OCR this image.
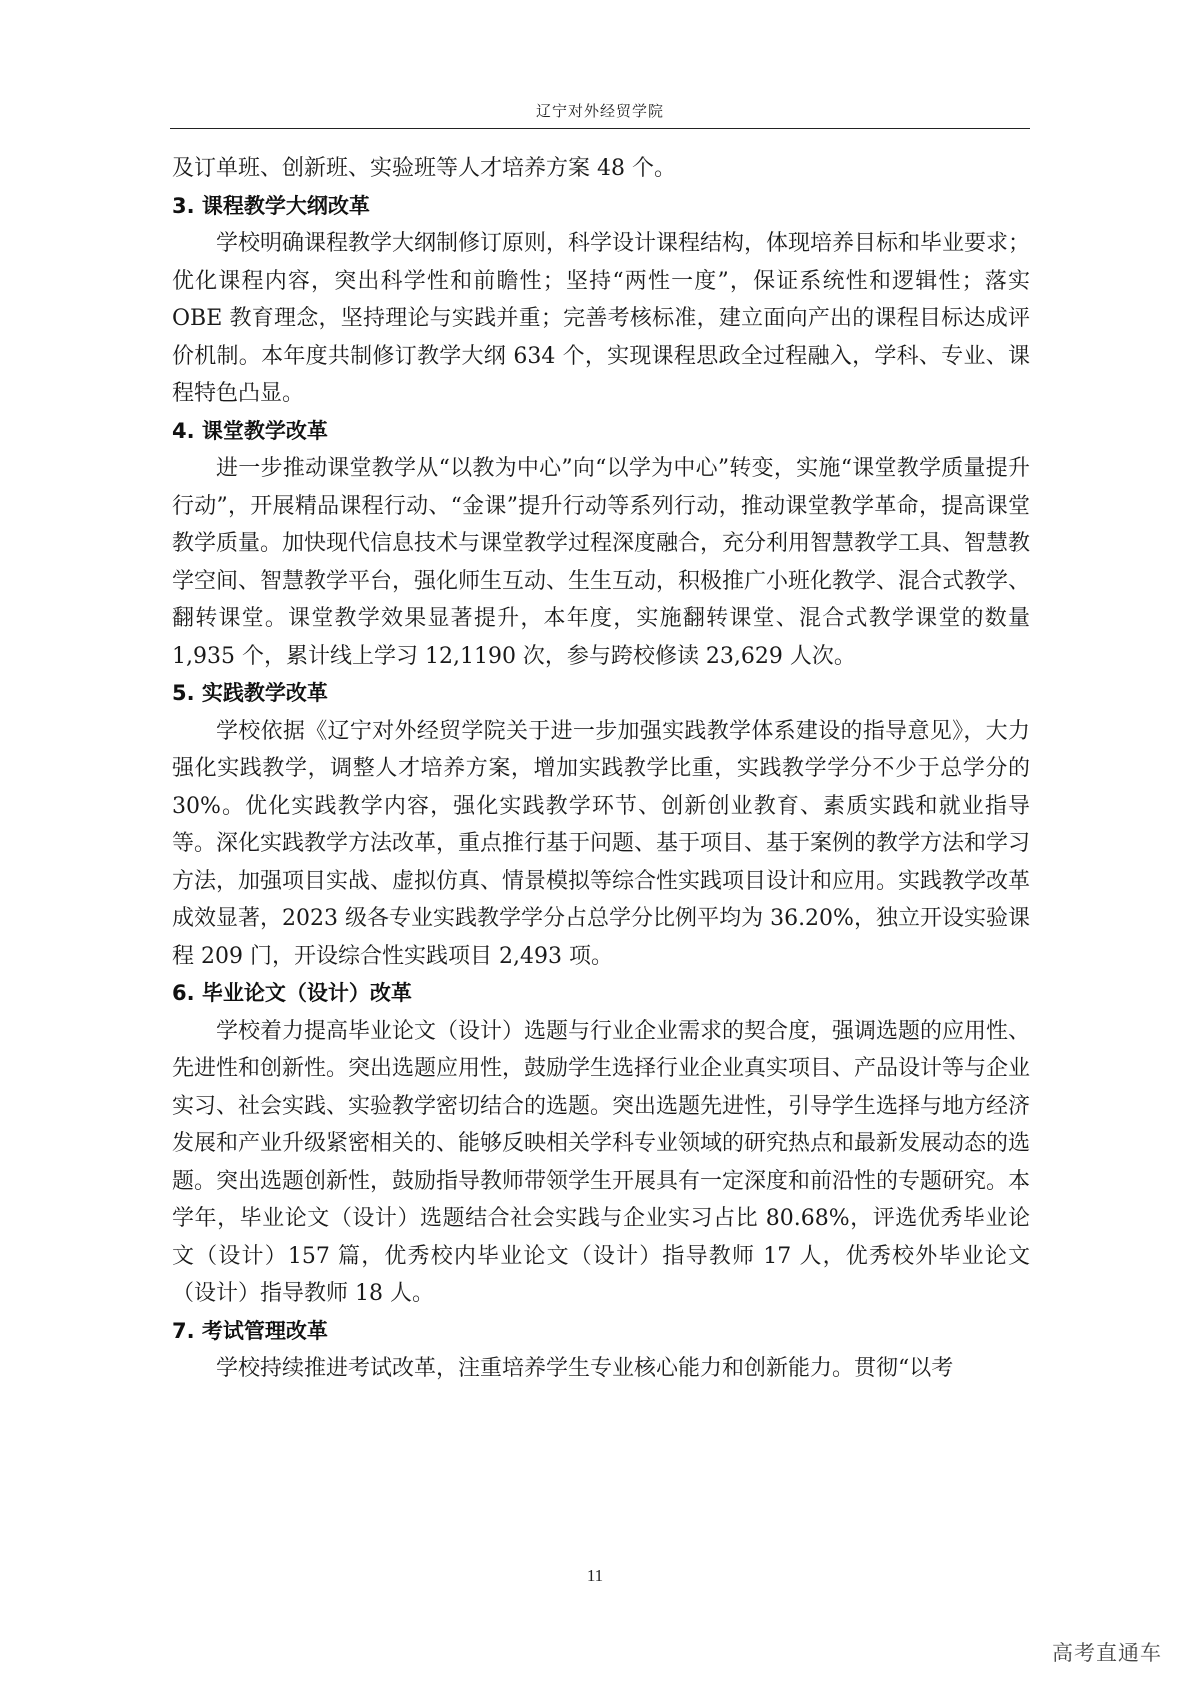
辽宁对外经贸学院

及订单班、创新班、实验班等人才培养方案 48 个。

3. 课程教学大纲改革

学校明确课程教学大纲制修订原则，科学设计课程结构，体现培养目标和毕业要求；优化课程内容，突出科学性和前瞻性；坚持“两性一度”，保证系统性和逻辑性；落实 OBE 教育理念，坚持理论与实践并重；完善考核标准，建立面向产出的课程目标达成评价机制。本年度共制修订教学大纲 634 个，实现课程思政全过程融入，学科、专业、课程特色凸显。

4. 课堂教学改革

进一步推动课堂教学从“以教为中心”向“以学为中心”转变，实施“课堂教学质量提升行动”，开展精品课程行动、“金课”提升行动等系列行动，推动课堂教学革命，提高课堂教学质量。加快现代信息技术与课堂教学过程深度融合，充分利用智慧教学工具、智慧教学空间、智慧教学平台，强化师生互动、生生互动，积极推广小班化教学、混合式教学、翻转课堂。课堂教学效果显著提升，本年度，实施翻转课堂、混合式教学课堂的数量 1,935 个，累计线上学习 12,1190 次，参与跨校修读 23,629 人次。

5. 实践教学改革

学校依据《辽宁对外经贸学院关于进一步加强实践教学体系建设的指导意见》，大力强化实践教学，调整人才培养方案，增加实践教学比重，实践教学学分不少于总学分的 30%。优化实践教学内容，强化实践教学环节、创新创业教育、素质实践和就业指导等。深化实践教学方法改革，重点推行基于问题、基于项目、基于案例的教学方法和学习方法，加强项目实战、虚拟仿真、情景模拟等综合性实践项目设计和应用。实践教学改革成效显著，2023 级各专业实践教学学分占总学分比例平均为 36.20%，独立开设实验课程 209 门，开设综合性实践项目 2,493 项。

6. 毕业论文（设计）改革

学校着力提高毕业论文（设计）选题与行业企业需求的契合度，强调选题的应用性、先进性和创新性。突出选题应用性，鼓励学生选择行业企业真实项目、产品设计等与企业实习、社会实践、实验教学密切结合的选题。突出选题先进性，引导学生选择与地方经济发展和产业升级紧密相关的、能够反映相关学科专业领域的研究热点和最新发展动态的选题。突出选题创新性，鼓励指导教师带领学生开展具有一定深度和前沿性的专题研究。本学年，毕业论文（设计）选题结合社会实践与企业实习占比 80.68%，评选优秀毕业论文（设计）157 篇，优秀校内毕业论文（设计）指导教师 17 人，优秀校外毕业论文（设计）指导教师 18 人。

7. 考试管理改革

学校持续推进考试改革，注重培养学生专业核心能力和创新能力。贯彻“以考

11
高考直通车
